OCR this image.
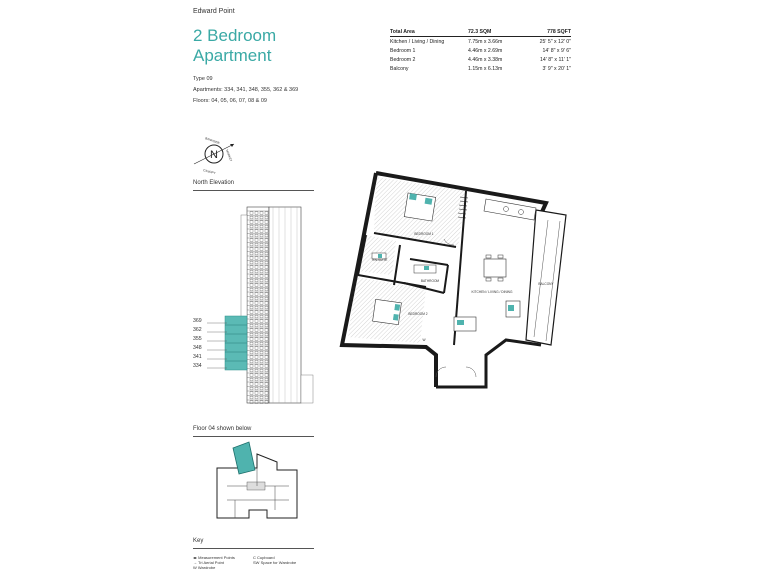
Edward Point
2 Bedroom
Apartment
Type 09
Apartments: 334, 341, 348, 355, 362 & 369
Floors: 04, 05, 06, 07, 08 & 09
Total Area	72.3 SQM	778 SQFT
Kitchen / Living / Dining	7.75m x 3.66m	25' 5" x 12' 0"
Bedroom 1	4.46m x 2.69m	14' 8" x 9' 6"
Bedroom 2	4.46m x 3.38m	14' 8" x 11' 1"
Balcony	1.15m x 6.13m	3' 9" x 20' 1"
N
BANKSIDE
MARKET
CANOPY
North Elevation
369
362
355
348
341
334
Floor 04 shown below
Key
◂▸ Measurement Points	C Cupboard
→ Tri Aerial Point	SW Space for Wardrobe
W Wardrobe
BEDROOM 1
EN-SUITE
BATHROOM
BEDROOM 2
KITCHEN / LIVING / DINING
BALCONY
W
